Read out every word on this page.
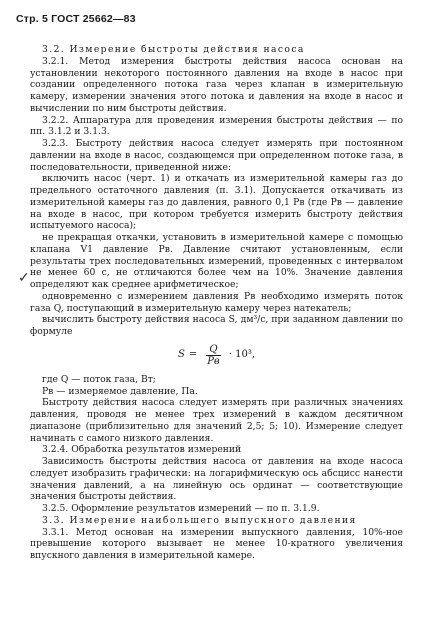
Стр. 5 ГОСТ 25662—83
✓

3.2. Измерение быстроты действия насоса

3.2.1. Метод измерения быстроты действия насоса основан на установлении некоторого постоянного давления на входе в насос при создании определенного потока газа через клапан в измерительную камеру, измерении значения этого потока и давления на входе в насос и вычислении по ним быстроты действия.

3.2.2. Аппаратура для проведения измерения быстроты действия — по пп. 3.1.2 и 3.1.3.

3.2.3. Быстроту действия насоса следует измерять при постоянном давлении на входе в насос, создающемся при определенном потоке газа, в последовательности, приведенной ниже:

включить насос (черт. 1) и откачать из измерительной камеры газ до предельного остаточного давления (п. 3.1). Допускается откачивать из измерительной камеры газ до давления, равного 0,1 Pв (где Pв — давление на входе в насос, при котором требуется измерить быстроту действия испытуемого насоса);

не прекращая откачки, установить в измерительной камере с помощью клапана V1 давление Pв. Давление считают установленным, если результаты трех последовательных измерений, проведенных с интервалом не менее 60 с, не отличаются более чем на 10%. Значение давления определяют как среднее арифметическое;

одновременно с измерением давления Pв необходимо измерять поток газа Q, поступающий в измерительную камеру через натекатель;

вычислить быстроту действия насоса S, дм³/с, при заданном давлении по формуле

$S = \frac{Q}{Pв} \cdot 10^3$,

где Q — поток газа, Вт;

Pв — измеряемое давление, Па.

Быстроту действия насоса следует измерять при различных значениях давления, проводя не менее трех измерений в каждом десятичном диапазоне (приблизительно для значений 2,5; 5; 10). Измерение следует начинать с самого низкого давления.

3.2.4. Обработка результатов измерений

Зависимость быстроты действия насоса от давления на входе насоса следует изобразить графически: на логарифмическую ось абсцисс нанести значения давлений, а на линейную ось ординат — соответствующие значения быстроты действия.

3.2.5. Оформление результатов измерений — по п. 3.1.9.

3.3. Измерение наибольшего выпускного давления

3.3.1. Метод основан на измерении выпускного давления, 10%-ное превышение которого вызывает не менее 10-кратного увеличения впускного давления в измерительной камере.
